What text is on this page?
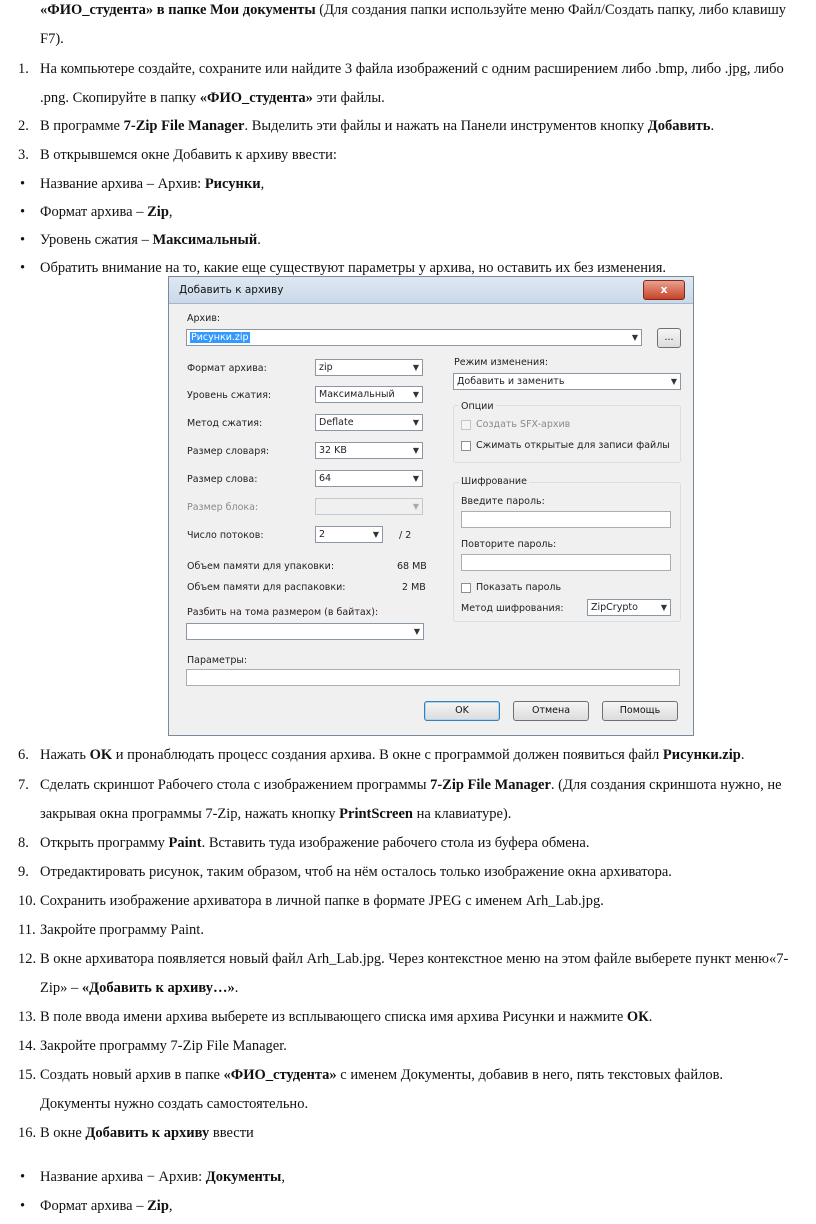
«ФИО_студента» в папке Мои документы (Для создания папки используйте меню Файл/Создать папку, либо клавишу
F7).
1. На компьютере создайте, сохраните или найдите 3 файла изображений с одним расширением либо .bmp, либо .jpg, либо
.png. Скопируйте в папку «ФИО_студента» эти файлы.
2. В программе 7-Zip File Manager. Выделить эти файлы и нажать на Панели инструментов кнопку Добавить.
3. В открывшемся окне Добавить к архиву ввести:
• Название архива – Архив: Рисунки,
• Формат архива – Zip,
• Уровень сжатия – Максимальный.
• Обратить внимание на то, какие еще существуют параметры у архива, но оставить их без изменения.
Добавить к архиву	x
Архив:
Рисунки.zip	▼	...
Формат архива:	zip	▼
Уровень сжатия:	Максимальный ▼
Метод сжатия:	Deflate	▼
Размер словаря:	32 KB	▼
Размер слова:	64	▼
Размер блока:	▼
Число потоков:	2	▼ / 2
Объем памяти для упаковки:	68 MB
Объем памяти для распаковки:	2 MB
Разбить на тома размером (в байтах):
▼
Параметры:
Режим изменения:
Добавить и заменить	▼
Опции
Создать SFX-архив
Сжимать открытые для записи файлы
Шифрование
Введите пароль:
Повторите пароль:
Показать пароль
Метод шифрования:	ZipCrypto	▼
OK	Отмена	Помощь
6. Нажать OK и пронаблюдать процесс создания архива. В окне с программой должен появиться файл Рисунки.zip.
7. Сделать скриншот Рабочего стола с изображением программы 7-Zip File Manager. (Для создания скриншота нужно, не
закрывая окна программы 7-Zip, нажать кнопку PrintScreen на клавиатуре).
8. Открыть программу Paint. Вставить туда изображение рабочего стола из буфера обмена.
9. Отредактировать рисунок, таким образом, чтоб на нём осталось только изображение окна архиватора.
10. Сохранить изображение архиватора в личной папке в формате JPEG с именем Arh_Lab.jpg.
11. Закройте программу Paint.
12. В окне архиватора появляется новый файл Arh_Lab.jpg. Через контекстное меню на этом файле выберете пункт меню«7-
Zip» – «Добавить к архиву…».
13. В поле ввода имени архива выберете из всплывающего списка имя архива Рисунки и нажмите ОК.
14. Закройте программу 7-Zip File Manager.
15. Создать новый архив в папке «ФИО_студента» с именем Документы, добавив в него, пять текстовых файлов.
Документы нужно создать самостоятельно.
16. В окне Добавить к архиву ввести
• Название архива − Архив: Документы,
• Формат архива – Zip,
